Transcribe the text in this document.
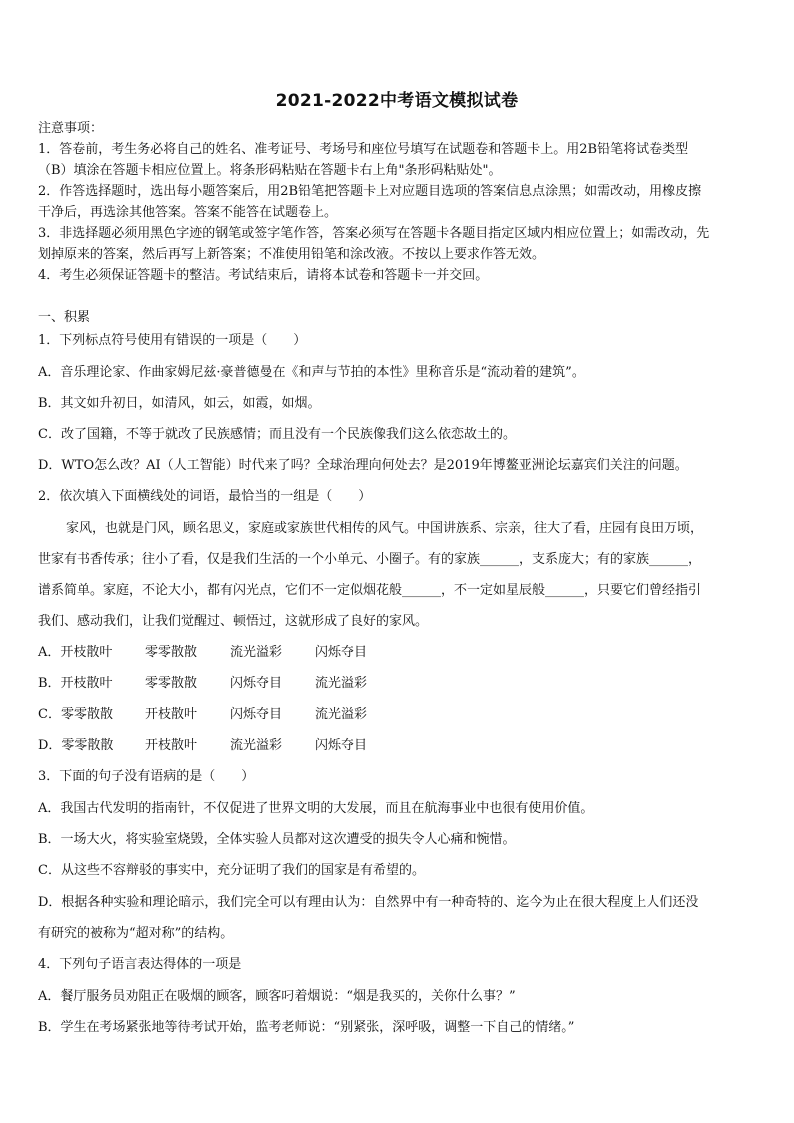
2021-2022中考语文模拟试卷
注意事项：
1．答卷前，考生务必将自己的姓名、准考证号、考场号和座位号填写在试题卷和答题卡上。用2B铅笔将试卷类型
（B）填涂在答题卡相应位置上。将条形码粘贴在答题卡右上角"条形码粘贴处"。
2．作答选择题时，选出每小题答案后，用2B铅笔把答题卡上对应题目选项的答案信息点涂黑；如需改动，用橡皮擦
干净后，再选涂其他答案。答案不能答在试题卷上。
3．非选择题必须用黑色字迹的钢笔或签字笔作答，答案必须写在答题卡各题目指定区域内相应位置上；如需改动，先
划掉原来的答案，然后再写上新答案；不准使用铅笔和涂改液。不按以上要求作答无效。
4．考生必须保证答题卡的整洁。考试结束后，请将本试卷和答题卡一并交回。
一、积累
1．下列标点符号使用有错误的一项是（　　）
A．音乐理论家、作曲家姆尼兹·豪普德曼在《和声与节拍的本性》里称音乐是“流动着的建筑”。
B．其文如升初日，如清风，如云，如霞，如烟。
C．改了国籍，不等于就改了民族感情；而且没有一个民族像我们这么依恋故土的。
D．WTO怎么改？AI（人工智能）时代来了吗？全球治理向何处去？是2019年博鳌亚洲论坛嘉宾们关注的问题。
2．依次填入下面横线处的词语，最恰当的一组是（　　）
家风，也就是门风，顾名思义，家庭或家族世代相传的风气。中国讲族系、宗亲，往大了看，庄园有良田万顷，
世家有书香传承；往小了看，仅是我们生活的一个小单元、小圈子。有的家族______，支系庞大；有的家族______，
谱系简单。家庭，不论大小，都有闪光点，它们不一定似烟花般______，不一定如星辰般______，只要它们曾经指引
我们、感动我们，让我们觉醒过、顿悟过，这就形成了良好的家风。
A．开枝散叶	零零散散	流光溢彩	闪烁夺目
B．开枝散叶 零零散散	闪烁夺目	流光溢彩
C．零零散散 开枝散叶	闪烁夺目	流光溢彩
D．零零散散 开枝散叶	流光溢彩	闪烁夺目
3．下面的句子没有语病的是（　　）
A．我国古代发明的指南针，不仅促进了世界文明的大发展，而且在航海事业中也很有使用价值。
B．一场大火，将实验室烧毁，全体实验人员都对这次遭受的损失令人心痛和惋惜。
C．从这些不容辩驳的事实中，充分证明了我们的国家是有希望的。
D．根据各种实验和理论暗示，我们完全可以有理由认为：自然界中有一种奇特的、迄今为止在很大程度上人们还没
有研究的被称为“超对称”的结构。
4．下列句子语言表达得体的一项是
A．餐厅服务员劝阻正在吸烟的顾客，顾客叼着烟说：“烟是我买的，关你什么事？”
B．学生在考场紧张地等待考试开始，监考老师说：“别紧张，深呼吸，调整一下自己的情绪。”
